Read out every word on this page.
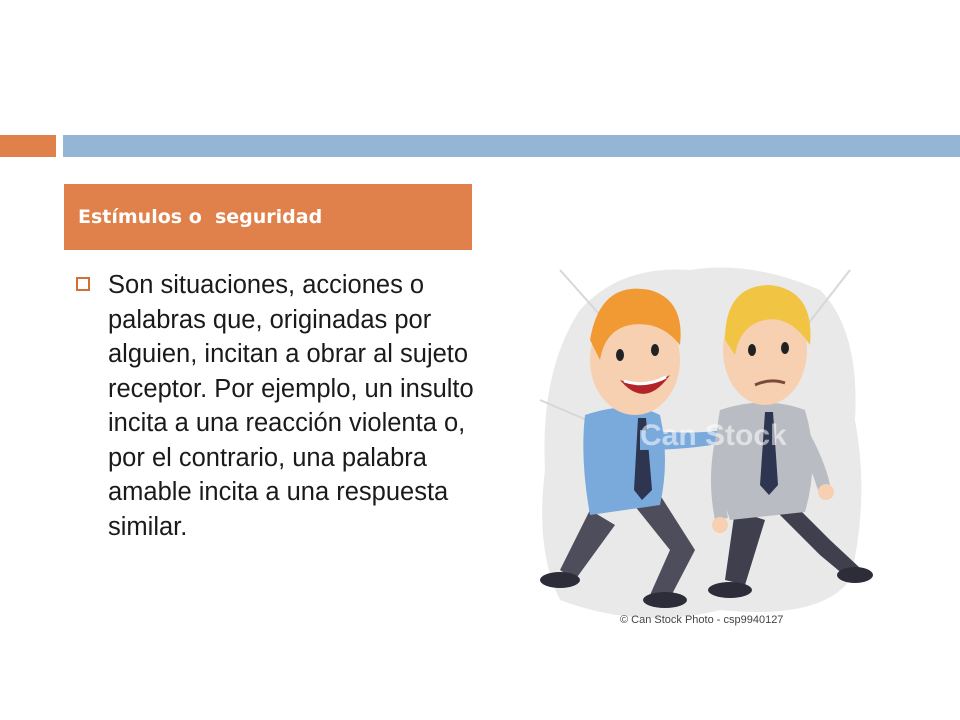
Estímulos o  seguridad

Son situaciones, acciones o palabras que, originadas por alguien, incitan a obrar al sujeto receptor. Por ejemplo, un insulto incita a una reacción violenta o, por el contrario, una palabra amable incita a una respuesta similar.

Can Stock
© Can Stock Photo - csp9940127
